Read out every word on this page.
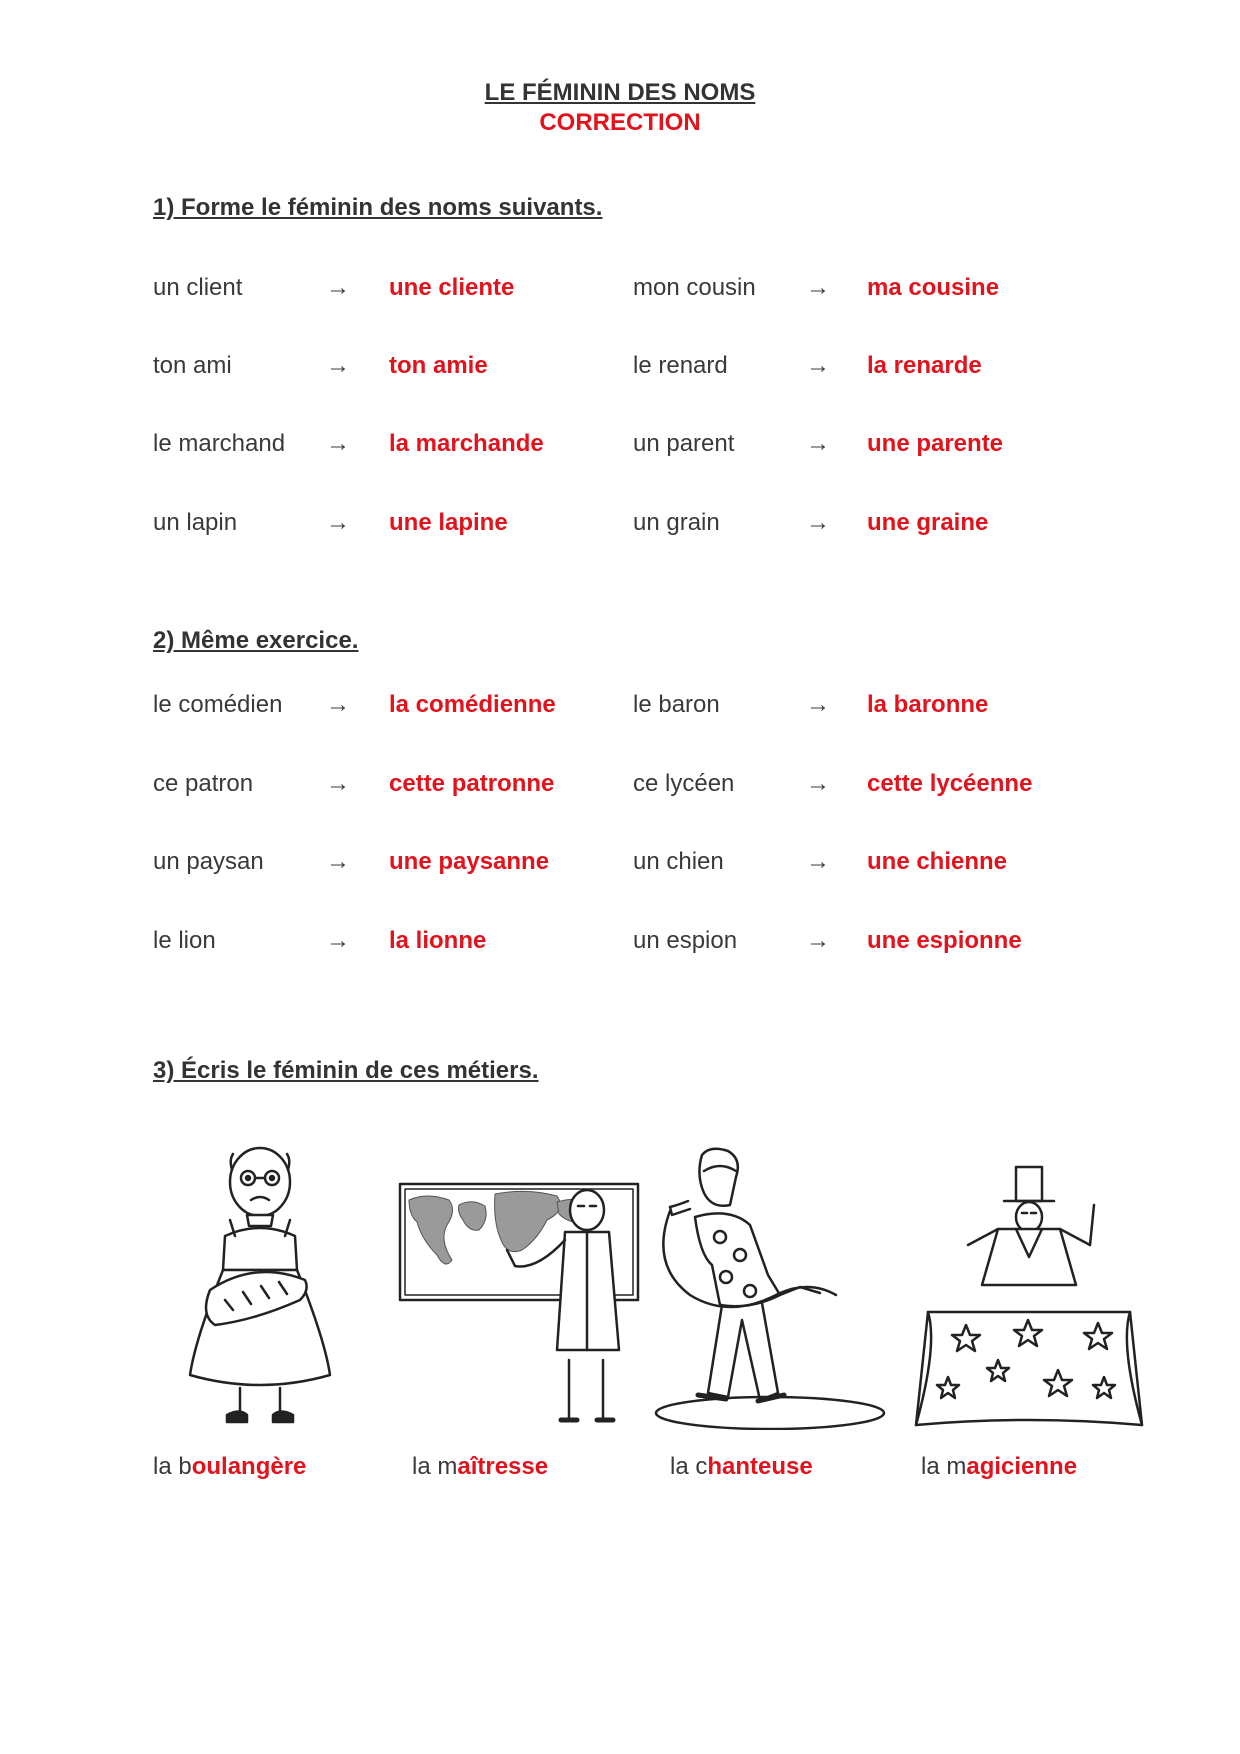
LE FÉMININ DES NOMS
CORRECTION
1) Forme le féminin des noms suivants.
un client	→ une cliente	mon cousin → ma cousine
ton ami	→ ton amie	le renard	→ la renarde
le marchand → la marchande	un parent	→ une parente
un lapin	→ une lapine	un grain	→ une graine
2) Même exercice.
le comédien → la comédienne	le baron	→ la baronne
ce patron	→ cette patronne	ce lycéen	→ cette lycéenne
un paysan	→ une paysanne	un chien	→ une chienne
le lion	→ la lionne	un espion	→ une espionne
3) Écris le féminin de ces métiers.
la boulangère	la maîtresse	la chanteuse	la magicienne
